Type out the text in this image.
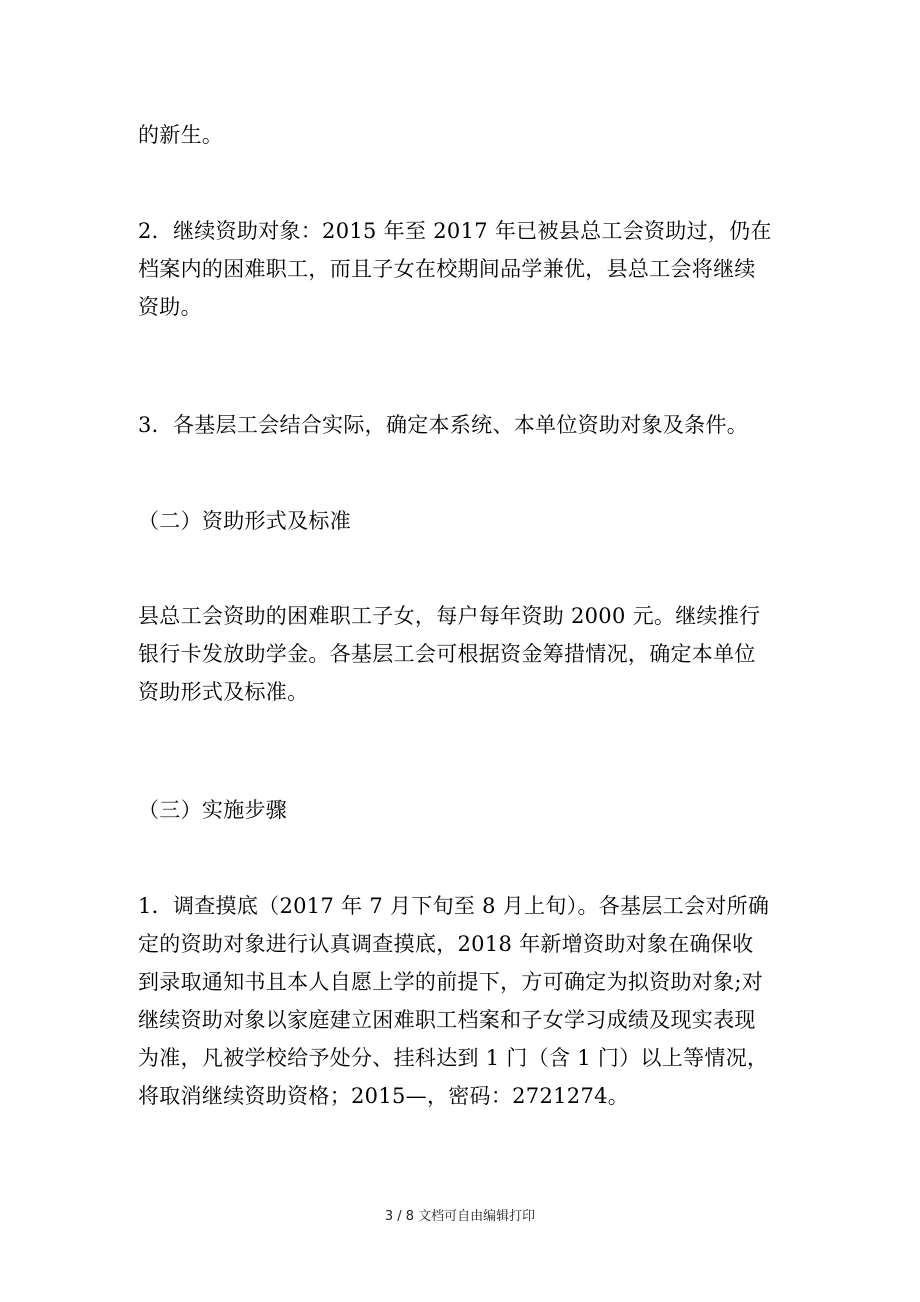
的新生。

2．继续资助对象：2015 年至 2017 年已被县总工会资助过，仍在
档案内的困难职工，而且子女在校期间品学兼优，县总工会将继续
资助。

3．各基层工会结合实际，确定本系统、本单位资助对象及条件。

（二）资助形式及标准

县总工会资助的困难职工子女，每户每年资助 2000 元。继续推行
银行卡发放助学金。各基层工会可根据资金筹措情况，确定本单位
资助形式及标准。

（三）实施步骤

1．调查摸底（2017 年 7 月下旬至 8 月上旬）。各基层工会对所确
定的资助对象进行认真调查摸底，2018 年新增资助对象在确保收
到录取通知书且本人自愿上学的前提下，方可确定为拟资助对象;对
继续资助对象以家庭建立困难职工档案和子女学习成绩及现实表现
为准，凡被学校给予处分、挂科达到 1 门（含 1 门）以上等情况，
将取消继续资助资格；2015—，密码：2721274。

3 / 8 文档可自由编辑打印
